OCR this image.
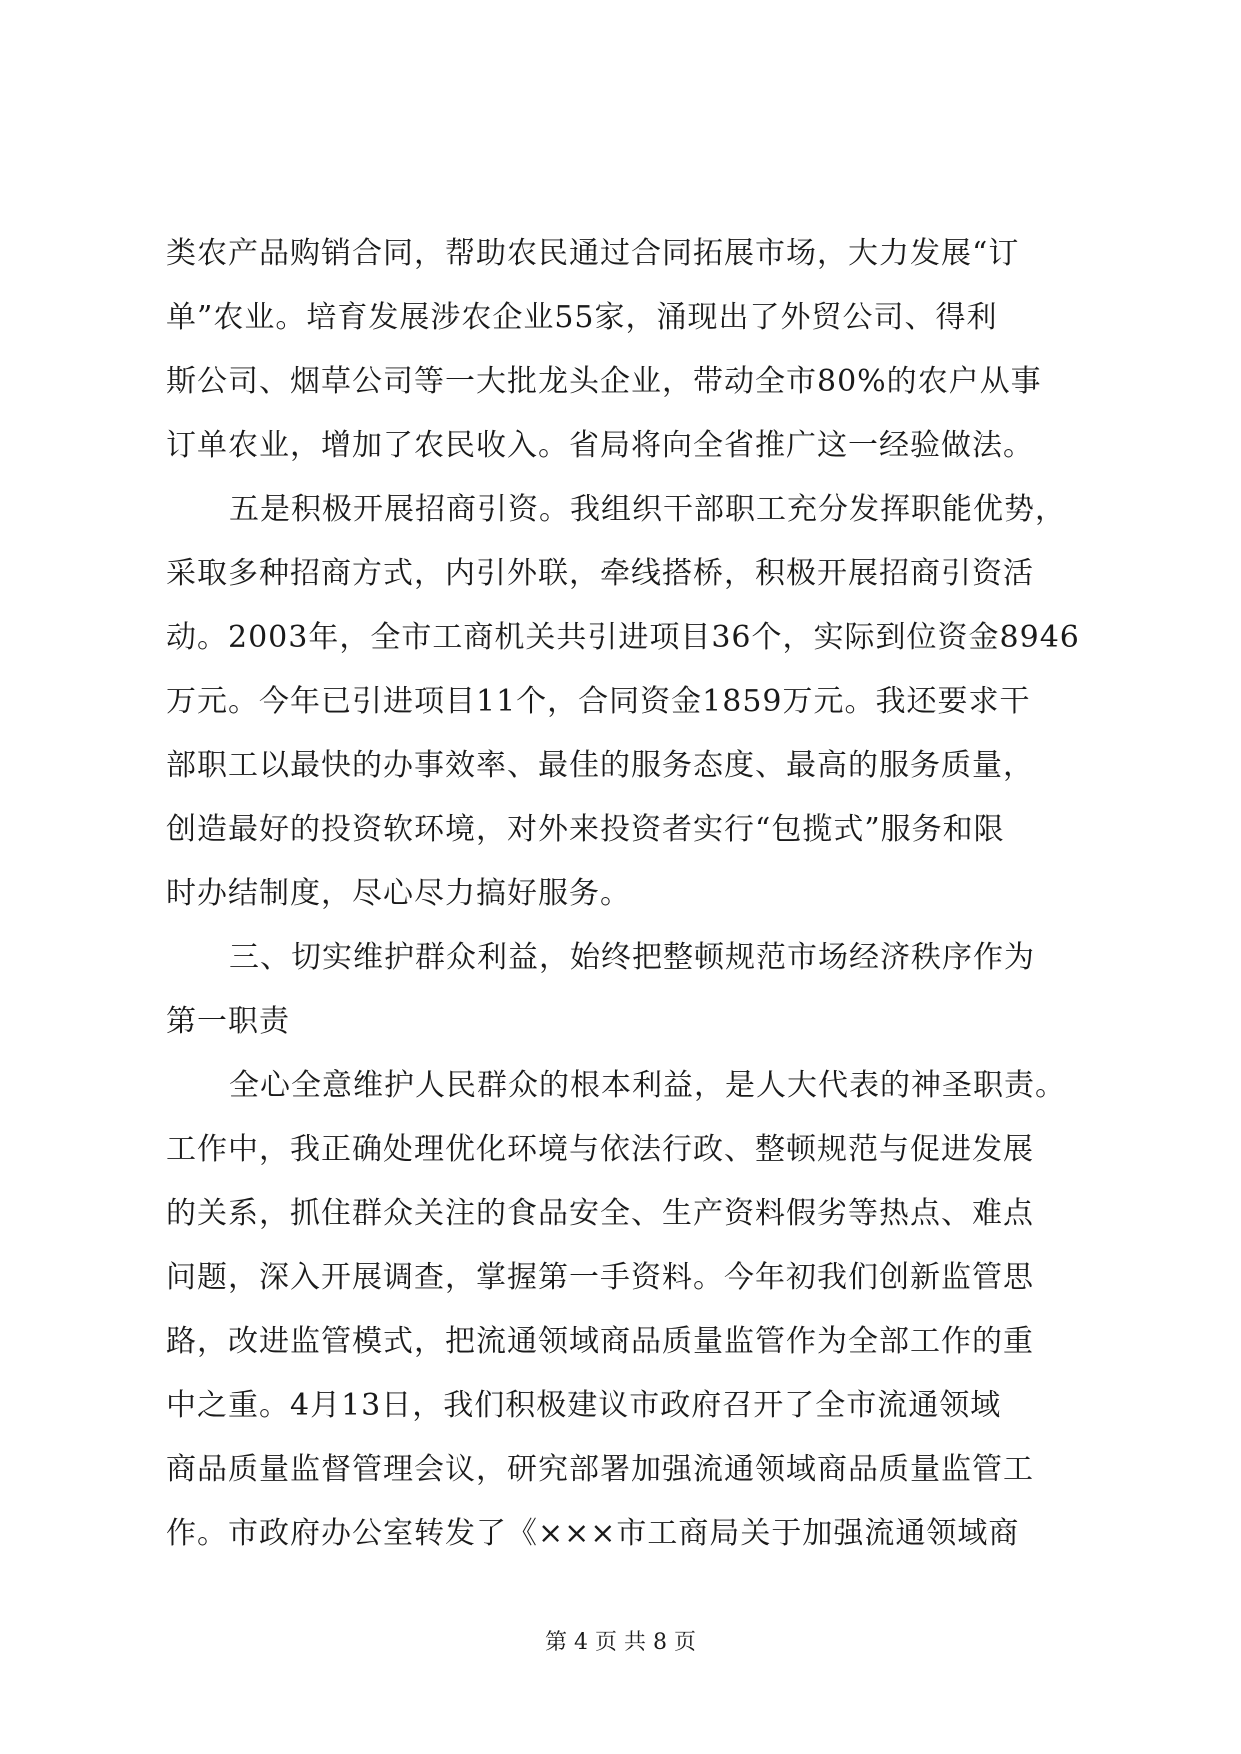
类农产品购销合同，帮助农民通过合同拓展市场，大力发展“订
单”农业。培育发展涉农企业55家，涌现出了外贸公司、得利
斯公司、烟草公司等一大批龙头企业，带动全市80%的农户从事
订单农业，增加了农民收入。省局将向全省推广这一经验做法。
五是积极开展招商引资。我组织干部职工充分发挥职能优势，
采取多种招商方式，内引外联，牵线搭桥，积极开展招商引资活
动。2003年，全市工商机关共引进项目36个，实际到位资金8946
万元。今年已引进项目11个，合同资金1859万元。我还要求干
部职工以最快的办事效率、最佳的服务态度、最高的服务质量，
创造最好的投资软环境，对外来投资者实行“包揽式”服务和限
时办结制度，尽心尽力搞好服务。
三、切实维护群众利益，始终把整顿规范市场经济秩序作为
第一职责
全心全意维护人民群众的根本利益，是人大代表的神圣职责。
工作中，我正确处理优化环境与依法行政、整顿规范与促进发展
的关系，抓住群众关注的食品安全、生产资料假劣等热点、难点
问题，深入开展调查，掌握第一手资料。今年初我们创新监管思
路，改进监管模式，把流通领域商品质量监管作为全部工作的重
中之重。4月13日，我们积极建议市政府召开了全市流通领域
商品质量监督管理会议，研究部署加强流通领域商品质量监管工
作。市政府办公室转发了《×××市工商局关于加强流通领域商
第 4 页 共 8 页
